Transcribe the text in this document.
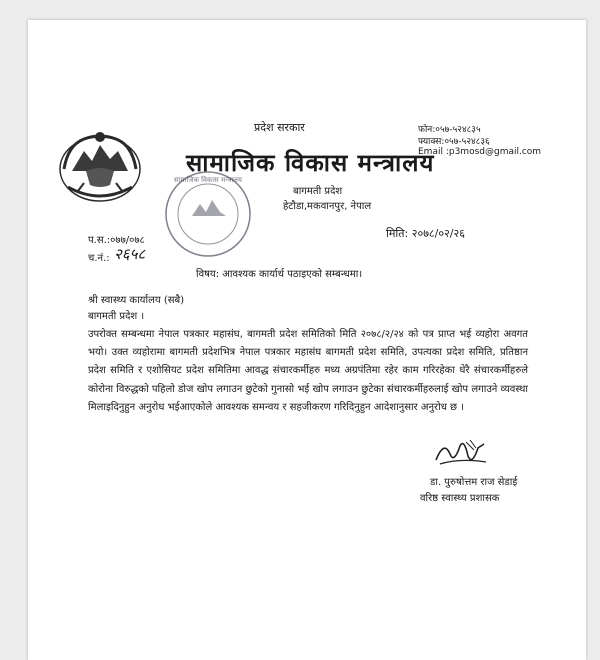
सामाजिक विकास मन्त्रालय
प्रदेश सरकार
सामाजिक विकास मन्त्रालय
बागमती प्रदेश
हेटौडा,मकवानपुर, नेपाल
फोन:०५७-५२४८३५
फ्याक्स:०५७-५२४८३६
Email :p3mosd@gmail.com
प.स.:०७७/०७८
च.नं.: २६५८
मिति: २०७८/०२/२६
विषय: आवश्यक कार्यार्थ पठाइएको सम्बन्धमा।
श्री स्वास्थ्य कार्यालय (सबै)
बागमती प्रदेश ।
उपरोक्त सम्बन्धमा नेपाल पत्रकार महासंघ, बागमती प्रदेश समितिको मिति २०७८/२/२४ को पत्र प्राप्त भई व्यहोरा अवगत भयो। उक्त व्यहोरामा बागमती प्रदेशभित्र नेपाल पत्रकार महासंघ बागमती प्रदेश समिति, उपत्यका प्रदेश समिति, प्रतिष्ठान प्रदेश समिति र एशोसियट प्रदेश समितिमा आवद्ध संचारकर्मीहरु मध्य अग्रपंतिमा रहेर काम गरिरहेका धेरै संचारकर्मीहरुले कोरोना विरुद्धको पहिलो डोज खोप लगाउन छुटेको गुनासो भई खोप लगाउन छुटेका संचारकर्मीहरुलाई खोप लगाउने व्यवस्था मिलाइदिनुहुन अनुरोध भईआएकोले आवश्यक समन्वय र सहजीकरण गरिदिनुहुन आदेशानुसार अनुरोध छ ।
डा. पुरुषोत्तम राज सेडाई
वरिष्ठ स्वास्थ्य प्रशासक
